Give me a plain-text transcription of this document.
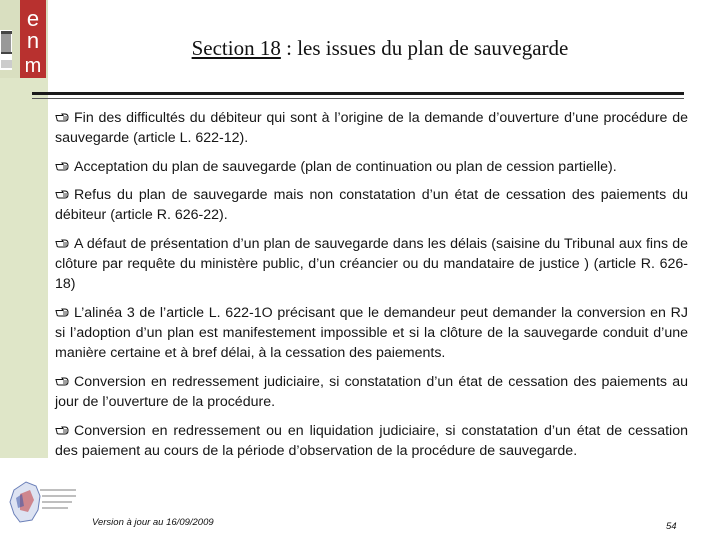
e
n
m
Section 18 : les issues du plan de sauvegarde
Fin des difficultés du débiteur qui sont à l’origine de la demande d’ouverture d’une procédure de sauvegarde (article L. 622-12).
Acceptation du plan de sauvegarde (plan de continuation ou plan de cession partielle).
Refus du plan de sauvegarde mais non constatation d’un état de cessation des paiements du débiteur (article R. 626-22).
A défaut de présentation d’un plan de sauvegarde dans les délais (saisine du Tribunal aux fins de clôture par requête du ministère public, d’un créancier ou du mandataire de justice ) (article R. 626-18)
L’alinéa 3 de l’article L. 622-1O précisant que le demandeur peut demander la conversion en RJ si l’adoption d’un plan est manifestement impossible et si la clôture de la sauvegarde conduit d’une manière certaine et à bref délai, à la cessation des paiements.
Conversion en redressement judiciaire, si constatation d’un état de cessation des paiements au jour de l’ouverture de la procédure.
Conversion en redressement ou en liquidation judiciaire, si constatation d’un état de cessation des paiement au cours de la période d’observation de la procédure de sauvegarde.
Version à jour au 16/09/2009	54
